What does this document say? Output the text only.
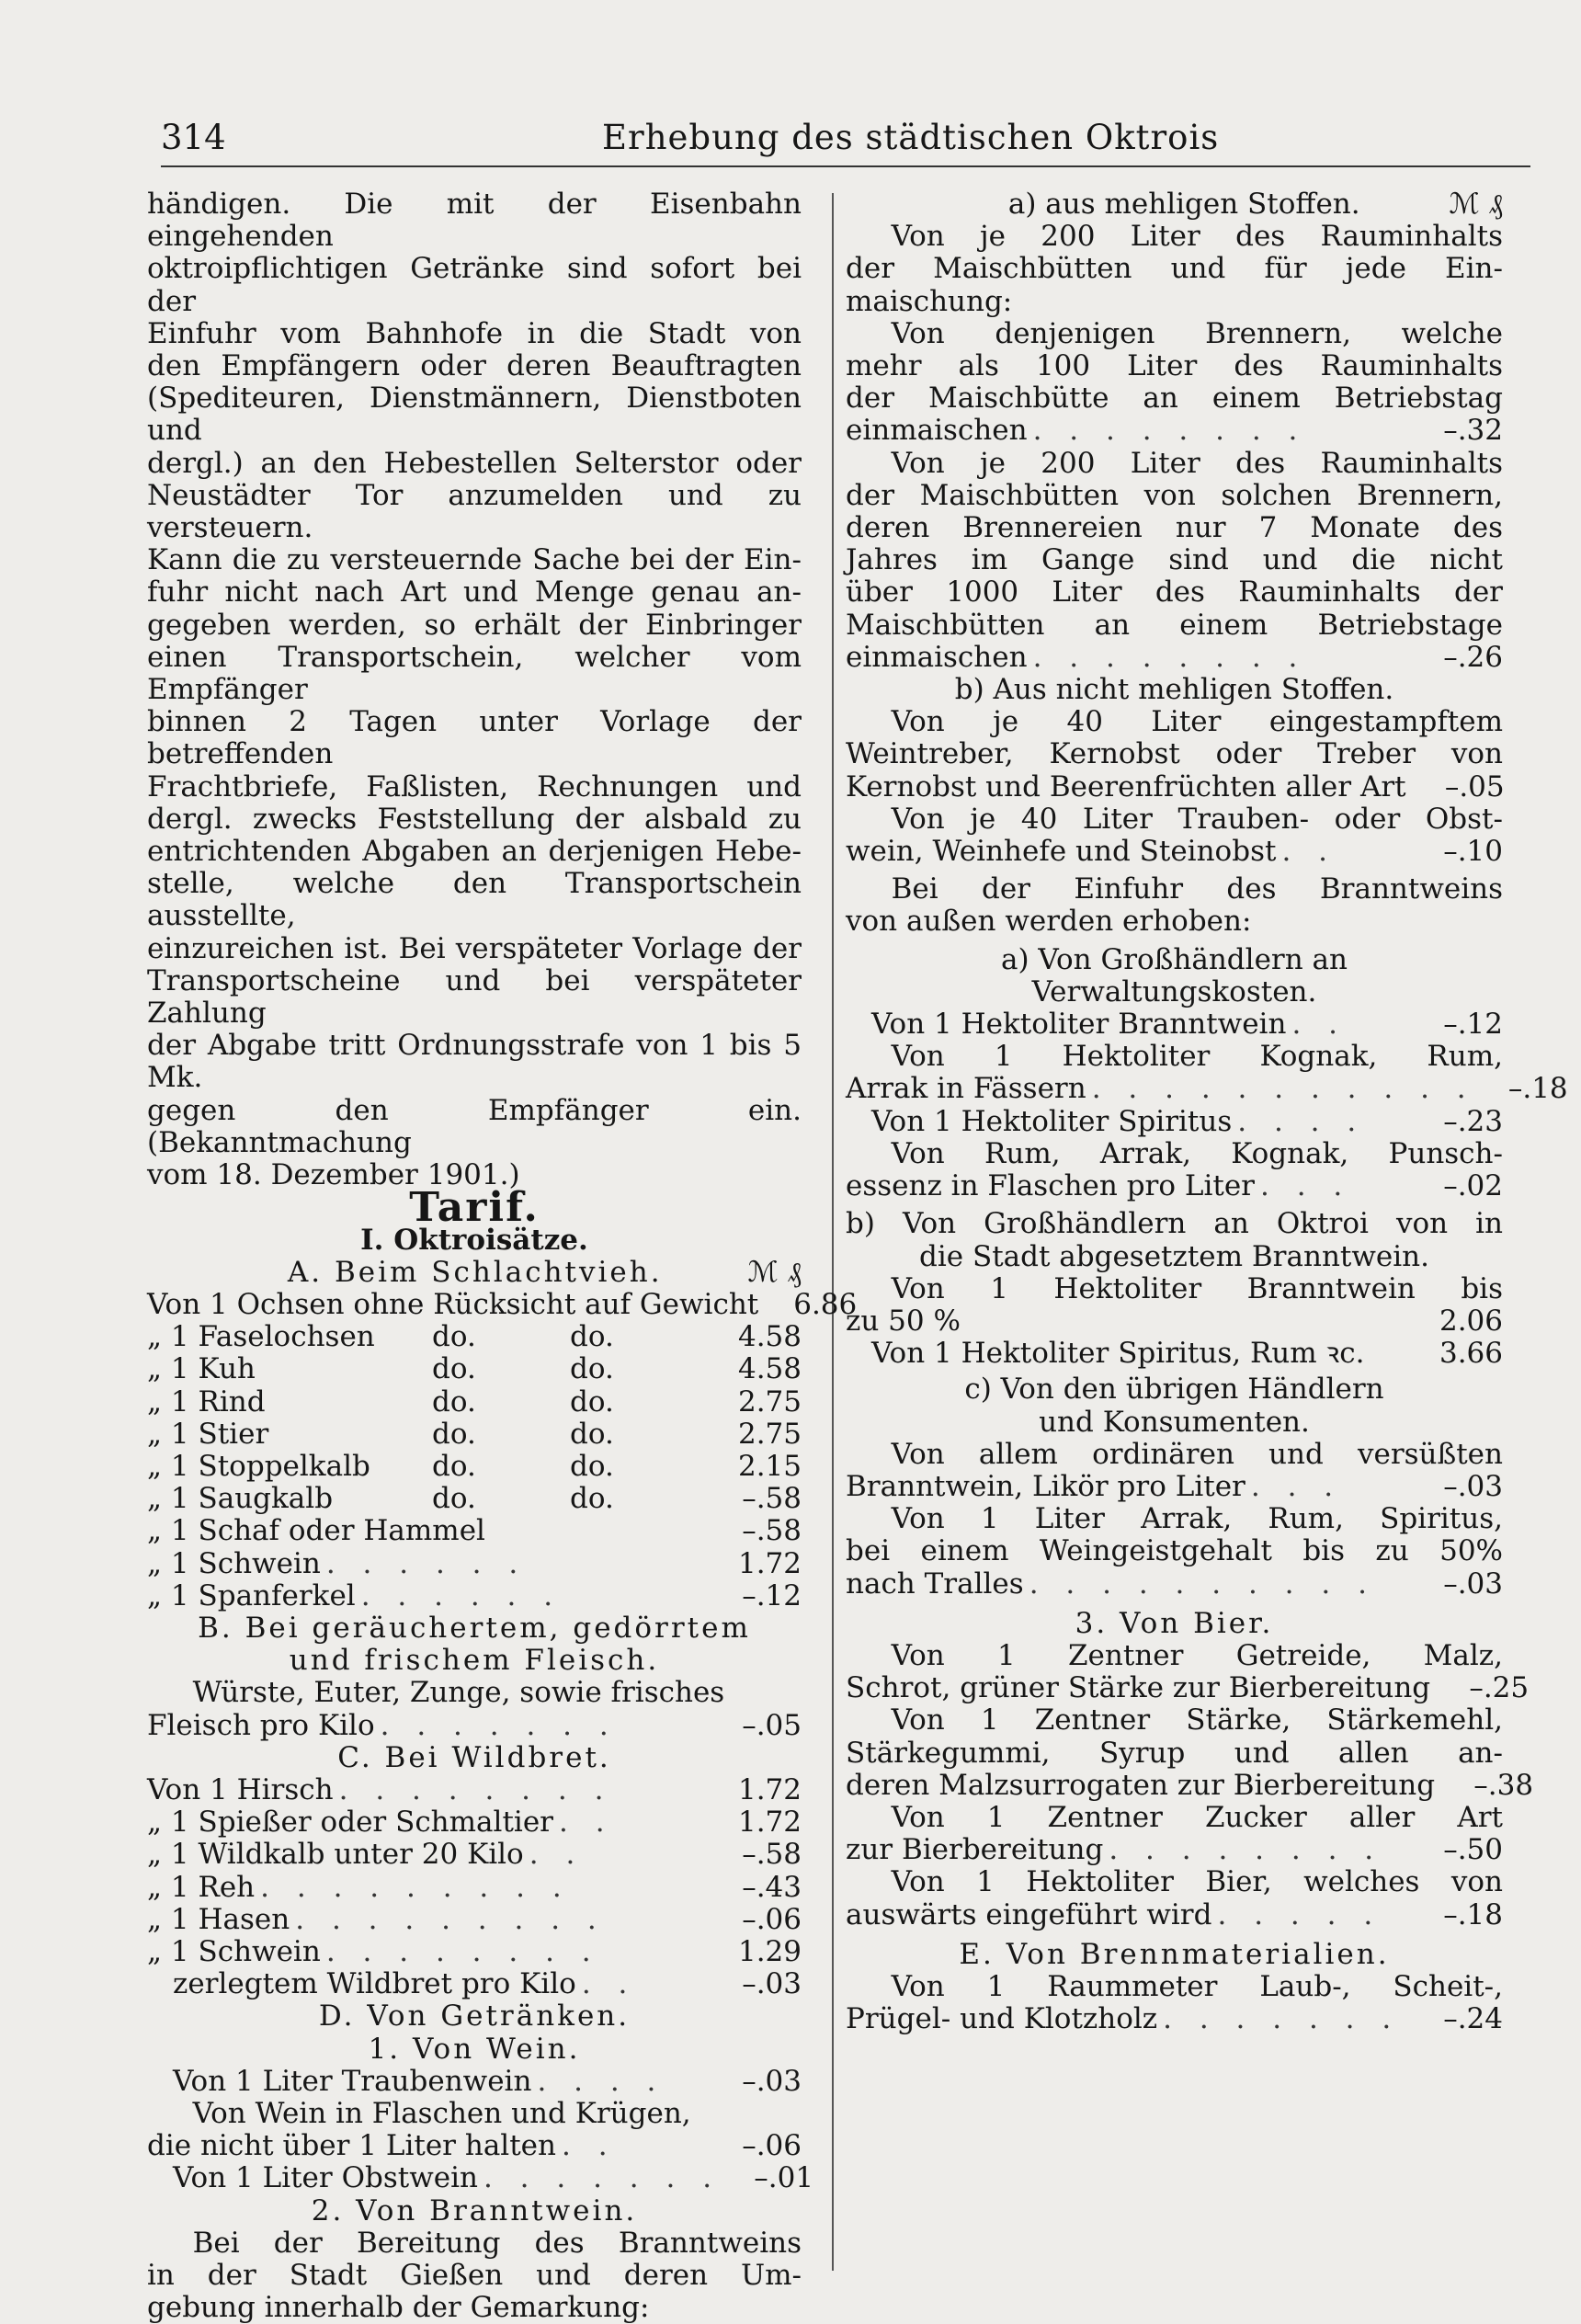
314	Erhebung des städtischen Oktrois

händigen. Die mit der Eisenbahn eingehenden

oktroipflichtigen Getränke sind sofort bei der

Einfuhr vom Bahnhofe in die Stadt von

den Empfängern oder deren Beauftragten

(Spediteuren, Dienstmännern, Dienstboten und

dergl.) an den Hebestellen Selterstor oder

Neustädter Tor anzumelden und zu versteuern.

Kann die zu versteuernde Sache bei der Ein-

fuhr nicht nach Art und Menge genau an-

gegeben werden, so erhält der Einbringer

einen Transportschein, welcher vom Empfänger

binnen 2 Tagen unter Vorlage der betreffenden

Frachtbriefe, Faßlisten, Rechnungen und

dergl. zwecks Feststellung der alsbald zu

entrichtenden Abgaben an derjenigen Hebe-

stelle, welche den Transportschein ausstellte,

einzureichen ist. Bei verspäteter Vorlage der

Transportscheine und bei verspäteter Zahlung

der Abgabe tritt Ordnungsstrafe von 1 bis 5 Mk.

gegen den Empfänger ein. (Bekanntmachung

vom 18. Dezember 1901.)

Tarif.

I. Oktroisätze.

A. Beim Schlachtvieh.	ℳ ₰
Von 1 Ochsen ohne Rücksicht auf Gewicht	6.86
„ 1 Faselochsen	do.	do.	4.58
„ 1 Kuh	do.	do.	4.58
„ 1 Rind	do.	do.	2.75
„ 1 Stier	do.	do.	2.75
„ 1 Stoppelkalb	do.	do.	2.15
„ 1 Saugkalb	do.	do.	–.58
„ 1 Schaf oder Hammel	–.58
„ 1 Schwein . . . . . .	1.72
„ 1 Spanferkel . . . . . .	–.12

B. Bei geräuchertem, gedörrtem

und frischem Fleisch.

Würste, Euter, Zunge, sowie frisches

Fleisch pro Kilo . . . . . . .	–.05

C. Bei Wildbret.

Von 1 Hirsch . . . . . . . .	1.72
„ 1 Spießer oder Schmaltier . .	1.72
„ 1 Wildkalb unter 20 Kilo . .	–.58
„ 1 Reh . . . . . . . . .	–.43
„ 1 Hasen . . . . . . . . .	–.06
„ 1 Schwein . . . . . . . .	1.29
zerlegtem Wildbret pro Kilo . .	–.03

D. Von Getränken.

1. Von Wein.

Von 1 Liter Traubenwein . . . .	–.03

Von Wein in Flaschen und Krügen,

die nicht über 1 Liter halten . .	–.06
Von 1 Liter Obstwein . . . . . . .	–.01

2. Von Branntwein.

Bei der Bereitung des Branntweins

in der Stadt Gießen und deren Um-

gebung innerhalb der Gemarkung:

a) aus mehligen Stoffen.	ℳ ₰

Von je 200 Liter des Rauminhalts

der Maischbütten und für jede Ein-

maischung:

Von denjenigen Brennern, welche

mehr als 100 Liter des Rauminhalts

der Maischbütte an einem Betriebstag

einmaischen . . . . . . . .	–.32

Von je 200 Liter des Rauminhalts

der Maischbütten von solchen Brennern,

deren Brennereien nur 7 Monate des

Jahres im Gange sind und die nicht

über 1000 Liter des Rauminhalts der

Maischbütten an einem Betriebstage

einmaischen . . . . . . . .	–.26

b) Aus nicht mehligen Stoffen.

Von je 40 Liter eingestampftem

Weintreber, Kernobst oder Treber von

Kernobst und Beerenfrüchten aller Art	–.05

Von je 40 Liter Trauben- oder Obst-

wein, Weinhefe und Steinobst . .	–.10

Bei der Einfuhr des Branntweins

von außen werden erhoben:

a) Von Großhändlern an

Verwaltungskosten.

Von 1 Hektoliter Branntwein . .	–.12

Von 1 Hektoliter Kognak, Rum,

Arrak in Fässern . . . . . . . . . . .	–.18
Von 1 Hektoliter Spiritus . . . .	–.23

Von Rum, Arrak, Kognak, Punsch-

essenz in Flaschen pro Liter . . .	–.02

b) Von Großhändlern an Oktroi von in

die Stadt abgesetztem Branntwein.

Von 1 Hektoliter Branntwein bis

zu 50 %	2.06
Von 1 Hektoliter Spiritus, Rum ꝛc.	3.66

c) Von den übrigen Händlern

und Konsumenten.

Von allem ordinären und versüßten

Branntwein, Likör pro Liter . . .	–.03

Von 1 Liter Arrak, Rum, Spiritus,

bei einem Weingeistgehalt bis zu 50%

nach Tralles . . . . . . . . . .	–.03

3. Von Bier.

Von 1 Zentner Getreide, Malz,

Schrot, grüner Stärke zur Bierbereitung	–.25

Von 1 Zentner Stärke, Stärkemehl,

Stärkegummi, Syrup und allen an-

deren Malzsurrogaten zur Bierbereitung	–.38

Von 1 Zentner Zucker aller Art

zur Bierbereitung . . . . . . . .	–.50

Von 1 Hektoliter Bier, welches von

auswärts eingeführt wird . . . . .	–.18

E. Von Brennmaterialien.

Von 1 Raummeter Laub-, Scheit-,

Prügel- und Klotzholz . . . . . . .	–.24
